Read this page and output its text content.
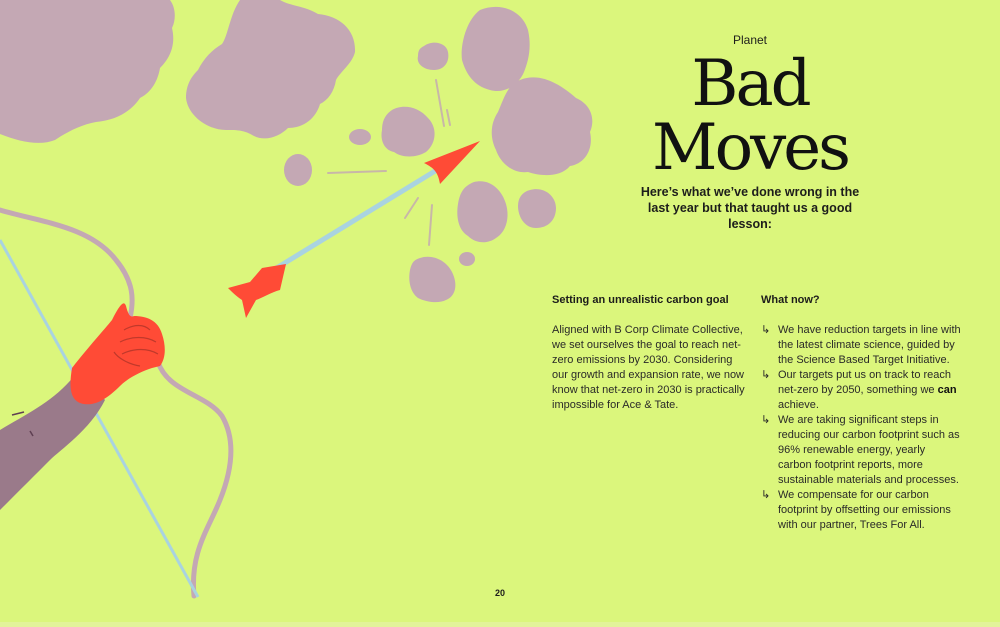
Planet
Bad
Moves
Here’s what we’ve done wrong in the last year but that taught us a good lesson:
Setting an unrealistic carbon goal

Aligned with B Corp Climate Collective, we set ourselves the goal to reach net-zero emissions by 2030. Considering our growth and expansion rate, we now know that net-zero in 2030 is practically impossible for Ace & Tate.

What now?
↳ We have reduction targets in line with the latest climate science, guided by the Science Based Target Initiative.
↳ Our targets put us on track to reach net-zero by 2050, something we can achieve.
↳ We are taking significant steps in reducing our carbon footprint such as 96% renewable energy, yearly carbon footprint reports, more sustainable materials and processes.
↳ We compensate for our carbon footprint by offsetting our emissions with our partner, Trees For All.
20
